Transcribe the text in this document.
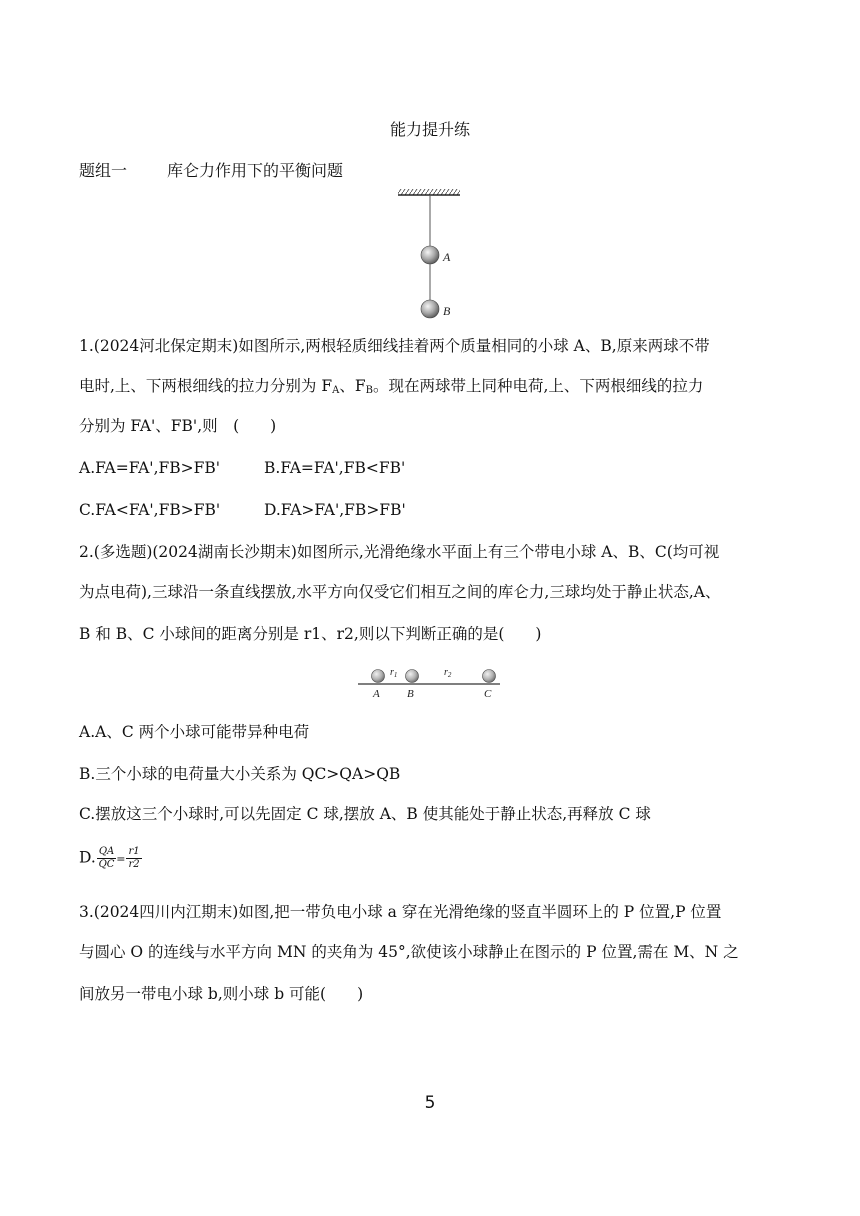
能力提升练
题组一	库仑力作用下的平衡问题
A
B
1.(2024河北保定期末)如图所示,两根轻质细线挂着两个质量相同的小球 A、B,原来两球不带
电时,上、下两根细线的拉力分别为 $F_A$、$F_B$。现在两球带上同种电荷,上、下两根细线的拉力
分别为 FA'、FB',则　(　　)
A.FA=FA',FB>FB'	B.FA=FA',FB<FB'
C.FA<FA',FB>FB'	D.FA>FA',FB>FB'
2.(多选题)(2024湖南长沙期末)如图所示,光滑绝缘水平面上有三个带电小球 A、B、C(均可视
为点电荷),三球沿一条直线摆放,水平方向仅受它们相互之间的库仑力,三球均处于静止状态,A、
B 和 B、C 小球间的距离分别是 r1、r2,则以下判断正确的是(　　)
$r_1$	$r_2$
A B	C
A.A、C 两个小球可能带异种电荷
B.三个小球的电荷量大小关系为 QC>QA>QB
C.摆放这三个小球时,可以先固定 C 球,摆放 A、B 使其能处于静止状态,再释放 C 球
D. $\frac{QA}{QC} = \frac{r1}{r2}$
3.(2024四川内江期末)如图,把一带负电小球 a 穿在光滑绝缘的竖直半圆环上的 P 位置,P 位置
与圆心 O 的连线与水平方向 MN 的夹角为 45°,欲使该小球静止在图示的 P 位置,需在 M、N 之
间放另一带电小球 b,则小球 b 可能(　　)
5
